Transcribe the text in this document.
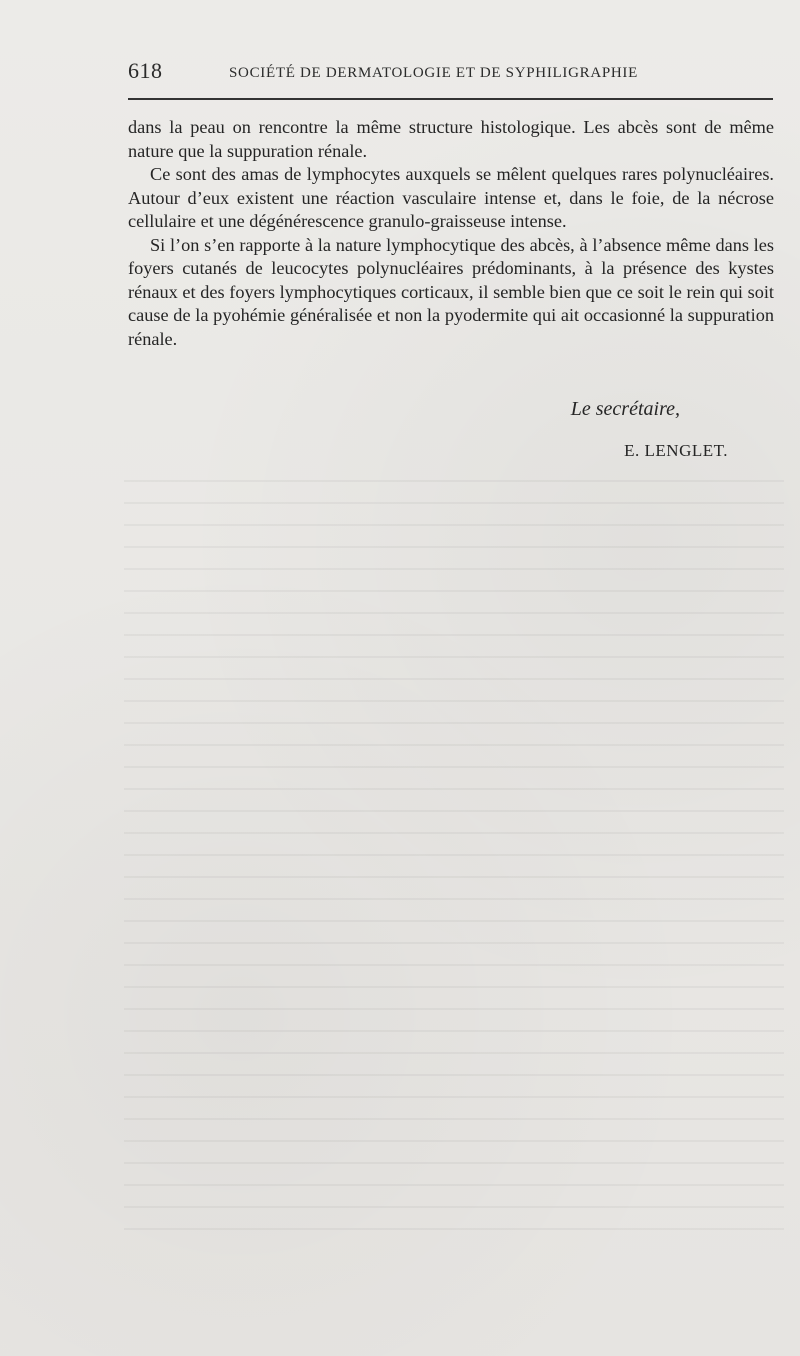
618	SOCIÉTÉ DE DERMATOLOGIE ET DE SYPHILIGRAPHIE

dans la peau on rencontre la même structure histologique. Les abcès sont de même nature que la suppuration rénale.

Ce sont des amas de lymphocytes auxquels se mêlent quelques rares polynucléaires. Autour d’eux existent une réaction vasculaire intense et, dans le foie, de la nécrose cellulaire et une dégénérescence granulo-graisseuse intense.

Si l’on s’en rapporte à la nature lymphocytique des abcès, à l’absence même dans les foyers cutanés de leucocytes polynucléaires prédominants, à la présence des kystes rénaux et des foyers lymphocytiques corticaux, il semble bien que ce soit le rein qui soit cause de la pyohémie généralisée et non la pyodermite qui ait occasionné la suppuration rénale.

Le secrétaire,
E. LENGLET.
